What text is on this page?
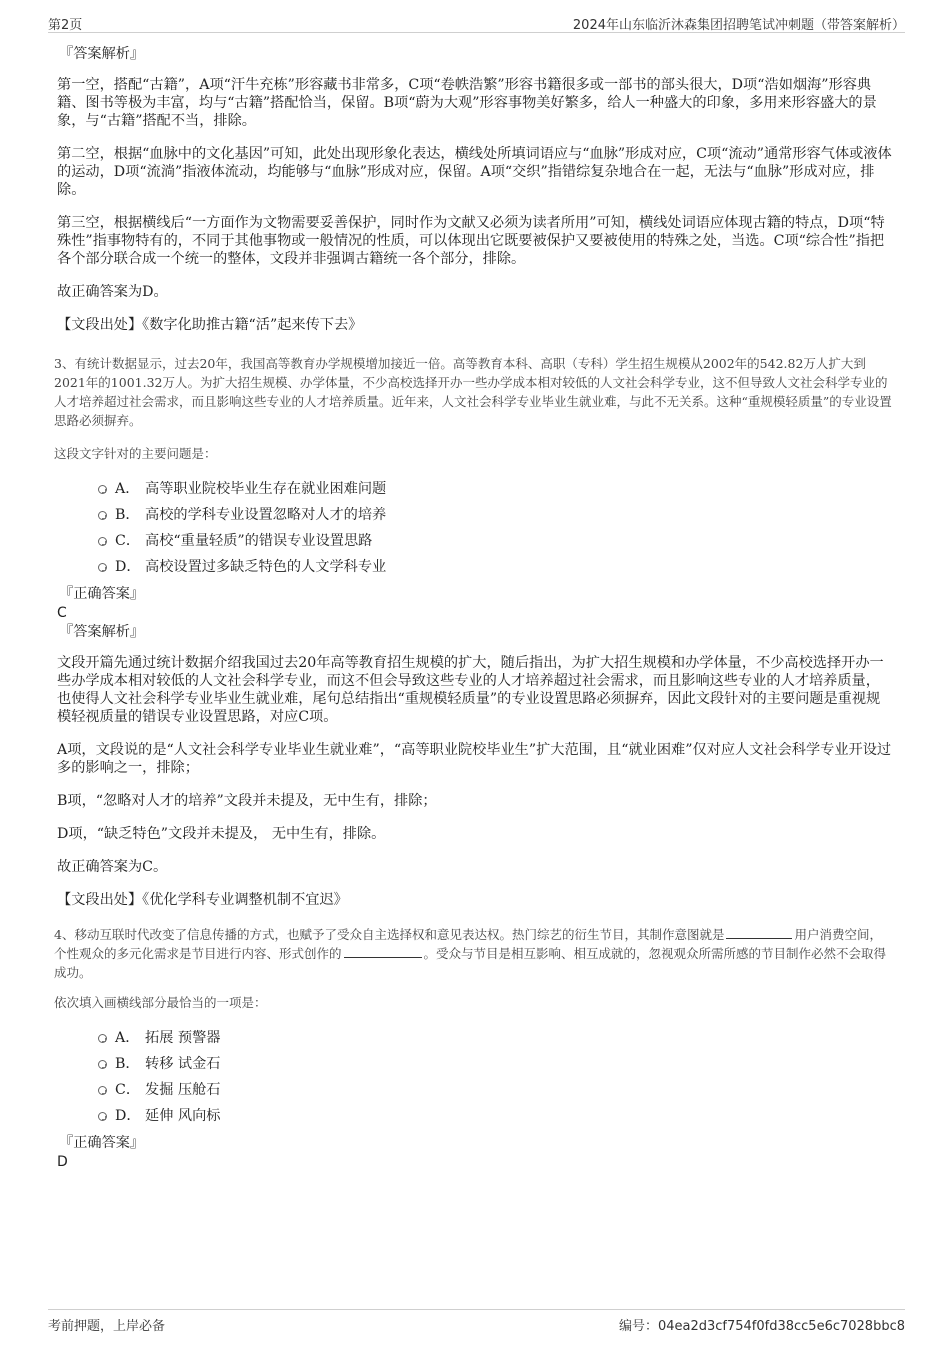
第2页	2024年山东临沂沐森集团招聘笔试冲刺题（带答案解析）
『答案解析』

第一空，搭配“古籍”，A项“汗牛充栋”形容藏书非常多，C项“卷帙浩繁”形容书籍很多或一部书的部头很大，D项“浩如烟海”形容典籍、图书等极为丰富，均与“古籍”搭配恰当，保留。B项“蔚为大观”形容事物美好繁多，给人一种盛大的印象，多用来形容盛大的景象，与“古籍”搭配不当，排除。

第二空，根据“血脉中的文化基因”可知，此处出现形象化表达，横线处所填词语应与“血脉”形成对应，C项“流动”通常形容气体或液体的运动，D项“流淌”指液体流动，均能够与“血脉”形成对应，保留。A项“交织”指错综复杂地合在一起，无法与“血脉”形成对应，排除。

第三空，根据横线后“一方面作为文物需要妥善保护，同时作为文献又必须为读者所用”可知，横线处词语应体现古籍的特点，D项“特殊性”指事物特有的，不同于其他事物或一般情况的性质，可以体现出它既要被保护又要被使用的特殊之处，当选。C项“综合性”指把各个部分联合成一个统一的整体，文段并非强调古籍统一各个部分，排除。

故正确答案为D。

【文段出处】《数字化助推古籍“活”起来传下去》

3、有统计数据显示，过去20年，我国高等教育办学规模增加接近一倍。高等教育本科、高职（专科）学生招生规模从2002年的542.82万人扩大到2021年的1001.32万人。为扩大招生规模、办学体量，不少高校选择开办一些办学成本相对较低的人文社会科学专业，这不但导致人文社会科学专业的人才培养超过社会需求，而且影响这些专业的人才培养质量。近年来，人文社会科学专业毕业生就业难，与此不无关系。这种“重规模轻质量”的专业设置思路必须摒弃。

这段文字针对的主要问题是：

A． 高等职业院校毕业生存在就业困难问题
B． 高校的学科专业设置忽略对人才的培养
C． 高校“重量轻质”的错误专业设置思路
D． 高校设置过多缺乏特色的人文学科专业
『正确答案』
C
『答案解析』

文段开篇先通过统计数据介绍我国过去20年高等教育招生规模的扩大，随后指出，为扩大招生规模和办学体量，不少高校选择开办一些办学成本相对较低的人文社会科学专业，而这不但会导致这些专业的人才培养超过社会需求，而且影响这些专业的人才培养质量，也使得人文社会科学专业毕业生就业难，尾句总结指出“重规模轻质量”的专业设置思路必须摒弃，因此文段针对的主要问题是重视规模轻视质量的错误专业设置思路，对应C项。

A项，文段说的是“人文社会科学专业毕业生就业难”，“高等职业院校毕业生”扩大范围，且“就业困难”仅对应人文社会科学专业开设过多的影响之一，排除；

B项，“忽略对人才的培养”文段并未提及，无中生有，排除；

D项，“缺乏特色”文段并未提及， 无中生有，排除。

故正确答案为C。

【文段出处】《优化学科专业调整机制不宜迟》

4、移动互联时代改变了信息传播的方式，也赋予了受众自主选择权和意见表达权。热门综艺的衍生节目，其制作意图就是	用户消费空间，个性观众的多元化需求是节目进行内容、形式创作的	。受众与节目是相互影响、相互成就的，忽视观众所需所感的节目制作必然不会取得成功。

依次填入画横线部分最恰当的一项是：

A． 拓展 预警器
B． 转移 试金石
C． 发掘 压舱石
D． 延伸 风向标
『正确答案』
D
考前押题，上岸必备	编号：04ea2d3cf754f0fd38cc5e6c7028bbc8
